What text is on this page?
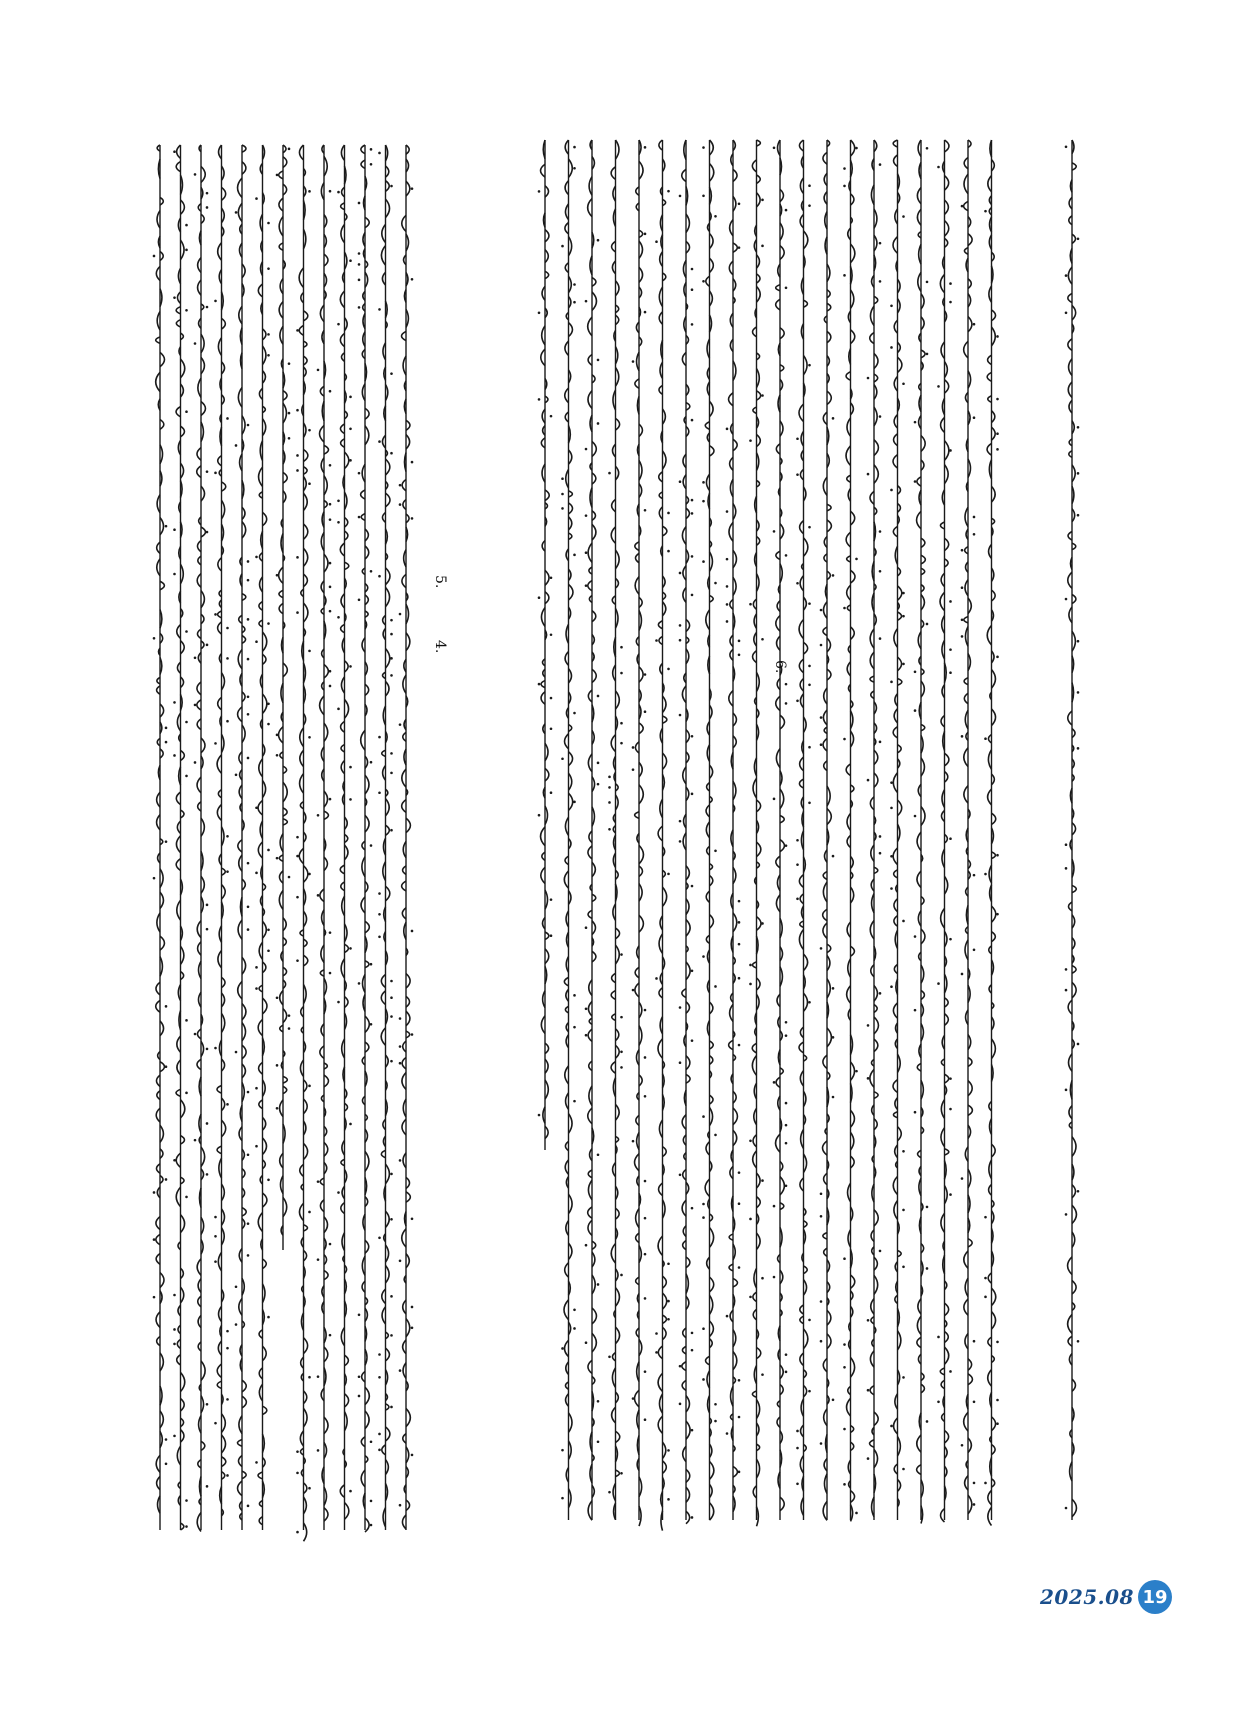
4.
5.
6.
2025.08 19
